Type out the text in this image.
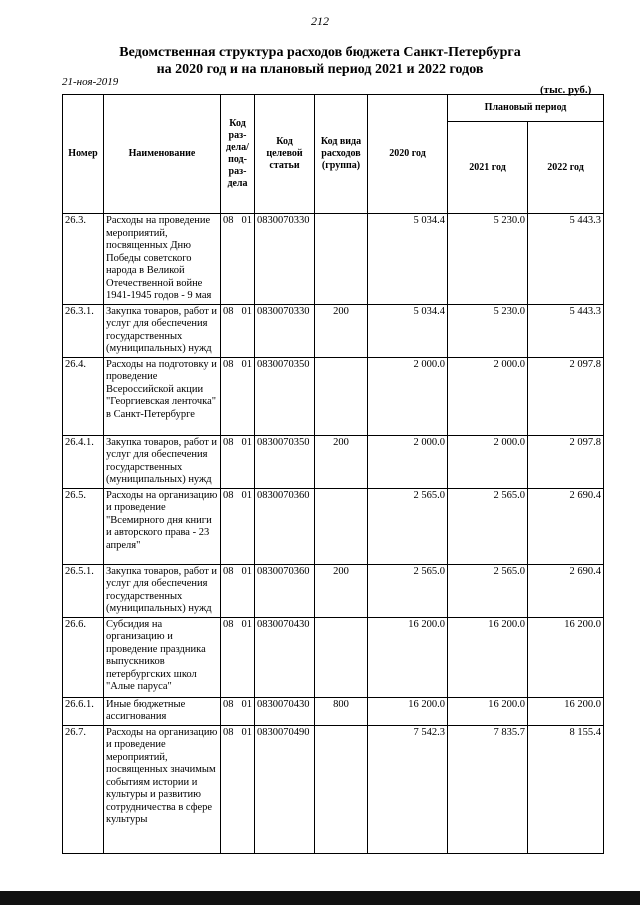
212
Ведомственная структура расходов бюджета Санкт-Петербурга
на 2020 год и на плановый период 2021 и 2022 годов
21-ноя-2019
(тыс. руб.)
Номер	Наименование	Код раз-дела/ под-раз-дела	Код целевой статьи	Код вида расходов (группа)	2020 год	Плановый период	
						2021 год	2022 год
26.3.	Расходы на проведение мероприятий, посвященных Дню Победы советского народа в Великой Отечественной войне 1941-1945 годов - 9 мая	08 01	0830070330		5 034.4	5 230.0	5 443.3
26.3.1.	Закупка товаров, работ и услуг для обеспечения государственных (муниципальных) нужд	08 01	0830070330	200	5 034.4	5 230.0	5 443.3
26.4.	Расходы на подготовку и проведение Всероссийской акции "Георгиевская ленточка" в Санкт-Петербурге	08 01	0830070350		2 000.0	2 000.0	2 097.8
26.4.1.	Закупка товаров, работ и услуг для обеспечения государственных (муниципальных) нужд	08 01	0830070350	200	2 000.0	2 000.0	2 097.8
26.5.	Расходы на организацию и проведение "Всемирного дня книги и авторского права - 23 апреля"	08 01	0830070360		2 565.0	2 565.0	2 690.4
26.5.1.	Закупка товаров, работ и услуг для обеспечения государственных (муниципальных) нужд	08 01	0830070360	200	2 565.0	2 565.0	2 690.4
26.6.	Субсидия на организацию и проведение праздника выпускников петербургских школ "Алые паруса"	08 01	0830070430		16 200.0	16 200.0	16 200.0
26.6.1.	Иные бюджетные ассигнования	08 01	0830070430	800	16 200.0	16 200.0	16 200.0
26.7.	Расходы на организацию и проведение мероприятий, посвященных значимым событиям истории и культуры и развитию сотрудничества в сфере культуры	08 01	0830070490		7 542.3	7 835.7	8 155.4
